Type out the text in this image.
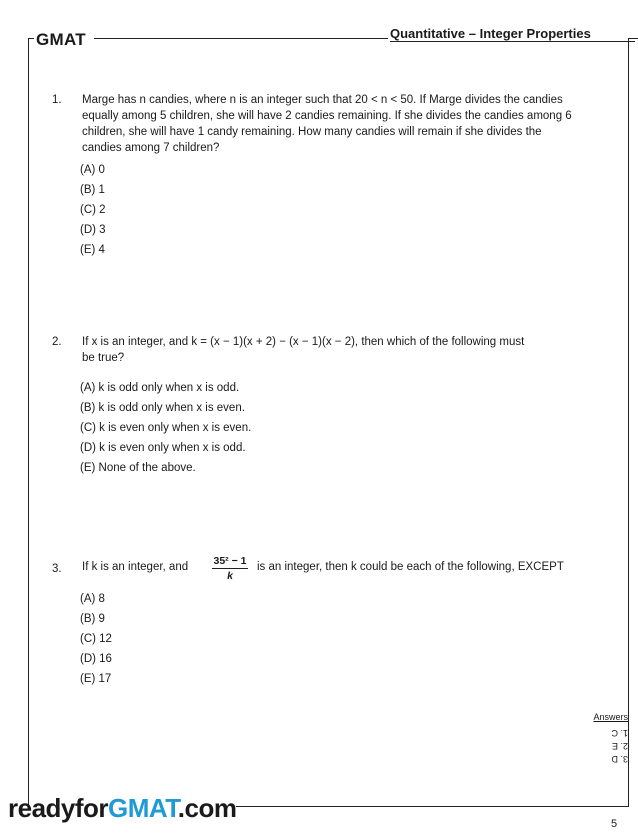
GMAT	Quantitative – Integer Properties
1.	Marge has n candies, where n is an integer such that 20 < n < 50. If Marge divides the candies
equally among 5 children, she will have 2 candies remaining. If she divides the candies among 6
children, she will have 1 candy remaining. How many candies will remain if she divides the
candies among 7 children?
(A) 0
(B) 1
(C) 2
(D) 3
(E) 4
2.	If x is an integer, and k = (x − 1)(x + 2) − (x − 1)(x − 2), then which of the following must
be true?
(A) k is odd only when x is odd.
(B) k is odd only when x is even.
(C) k is even only when x is even.
(D) k is even only when x is odd.
(E) None of the above.
3.	If k is an integer, and $\frac{\text{35² − 1}}{k}$ is an integer, then k could be each of the following, EXCEPT
(A) 8
(B) 9
(C) 12
(D) 16
(E) 17
Answers
3. D
2. E
1. C
readyforGMAT.com
5
